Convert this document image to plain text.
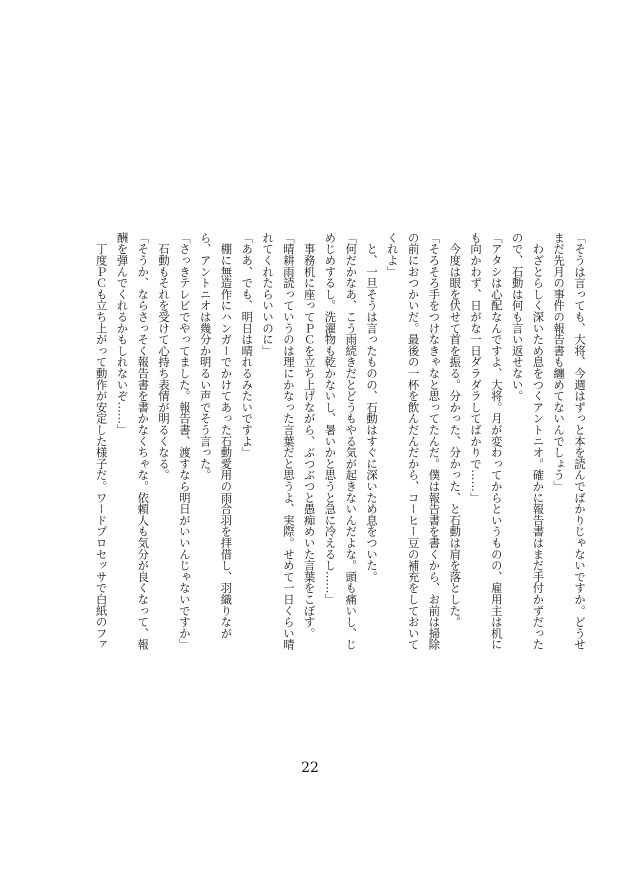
「そうは言っても、大将、今週はずっと本を読んでばかりじゃないですか。どうせ
まだ先月の事件の報告書も纏めてないんでしょう」
　わざとらしく深いため息をつくアントニオ。確かに報告書はまだ手付かずだった
ので、石動は何も言い返せない。
「アタシは心配なんですよ、大将。月が変わってからというものの、雇用主は机に
も向かわず、日がな一日ダラダラしてばかりで……」
　今度は眼を伏せて首を振る。分かった、分かった、と石動は肩を落とした。
「そろそろ手をつけなきゃなと思ってたんだ。僕は報告書を書くから、お前は掃除
の前におつかいだ。最後の一杯を飲んだんだから、コーヒー豆の補充をしておいて
くれよ」
　と、一旦そうは言ったものの、石動はすぐに深いため息をついた。
「何だかなあ、こう雨続きだとどうもやる気が起きないんだよな。頭も痛いし、じ
めじめするし。洗濯物も乾かないし、暑いかと思うと急に冷えるし……」
　事務机に座ってＰＣを立ち上げながら、ぶつぶつと愚痴めいた言葉をこぼす。
「晴耕雨読っていうのは理にかなった言葉だと思うよ、実際。せめて一日くらい晴
れてくれたらいいのに」
「ああ、でも、明日は晴れるみたいですよ」
　棚に無造作にハンガーでかけてあった石動愛用の雨合羽を拝借し、羽織りなが
ら、アントニオは幾分か明るい声でそう言った。
「さっきテレビでやってました。報告書、渡すなら明日がいいんじゃないですか」
　石動もそれを受けて心持ち表情が明るくなる。
「そうか、ならさっそく報告書を書かなくちゃな。依頼人も気分が良くなって、報
酬を弾んでくれるかもしれないぞ……」
　丁度ＰＣも立ち上がって動作が安定した様子だ。ワードプロセッサで白紙のファ
22
